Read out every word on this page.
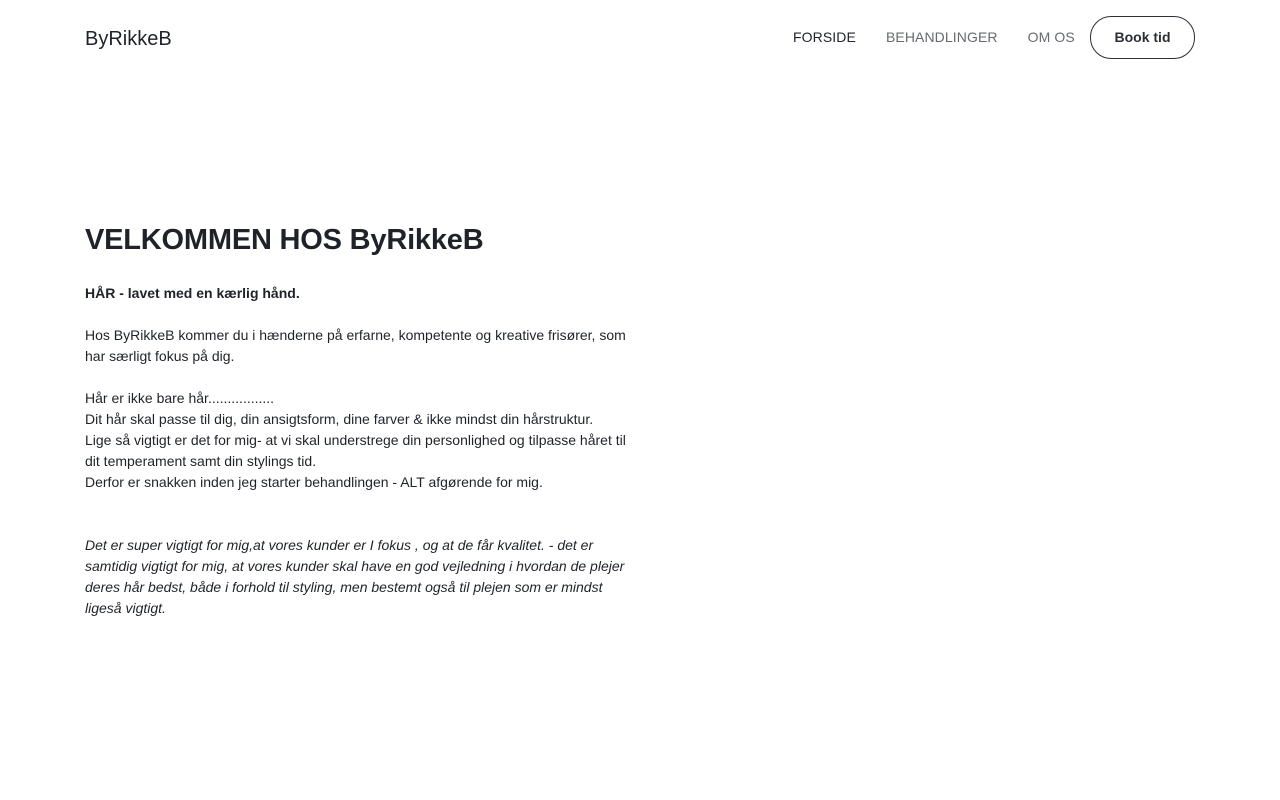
ByRikkeB	FORSIDE BEHANDLINGER OM OS	Book tid
VELKOMMEN HOS ByRikkeB

HÅR - lavet med en kærlig hånd.

Hos ByRikkeB kommer du i hænderne på erfarne, kompetente og kreative frisører, som har særligt fokus på dig.

Hår er ikke bare hår.................

Dit hår skal passe til dig, din ansigtsform, dine farver & ikke mindst din hårstruktur.

Lige så vigtigt er det for mig- at vi skal understrege din personlighed og tilpasse håret til dit temperament samt din stylings tid.

Derfor er snakken inden jeg starter behandlingen - ALT afgørende for mig.

Det er super vigtigt for mig,at vores kunder er I fokus , og at de får kvalitet. - det er samtidig vigtigt for mig, at vores kunder skal have en god vejledning i hvordan de plejer deres hår bedst, både i forhold til styling, men bestemt også til plejen som er mindst ligeså vigtigt.
